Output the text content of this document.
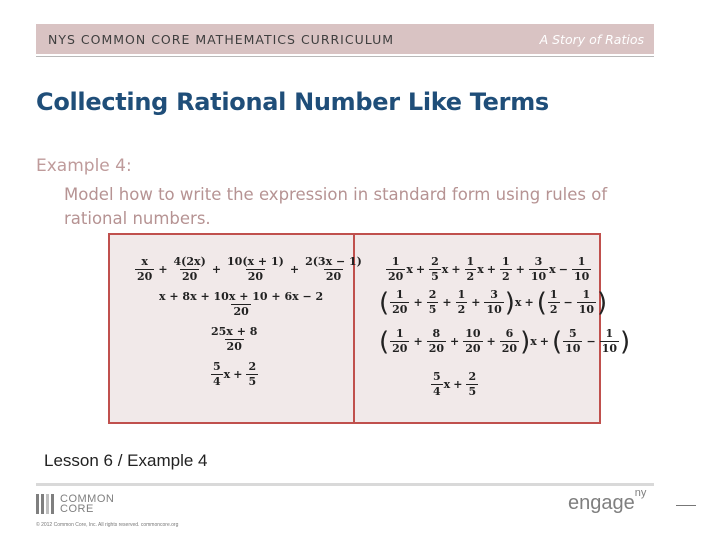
NYS COMMON CORE MATHEMATICS CURRICULUM	A Story of Ratios
Collecting Rational Number Like Terms
Example 4:
Model how to write the expression in standard form using rules of rational numbers.
$\frac{x}{20} + \frac{4(2x)}{20} + \frac{10(x + 1)}{20} + \frac{2(3x - 1)}{20}$
$\frac{x + 8x + 10x + 10 + 6x - 2}{20}$
$\frac{25x + 8}{20}$
$\frac{5}{4}$ $x + \frac{2}{5}$
$\frac{1}{20}$ $x + \frac{2}{5}$ $x + \frac{1}{2}$ $x + \frac{1}{2} + \frac{3}{10}$ $x - \frac{1}{10}$
( $\frac{1}{20} + \frac{2}{5} + \frac{1}{2} + \frac{3}{10}$ ) x + ( $\frac{1}{2} - \frac{1}{10}$ )
( $\frac{1}{20} + \frac{8}{20} + \frac{10}{20} + \frac{6}{20}$ ) x + ( $\frac{5}{10} - \frac{1}{10}$ )
$\frac{5}{4}$ $x + \frac{2}{5}$
Lesson 6 / Example 4
COMMON
CORE
© 2012 Common Core, Inc. All rights reserved. commoncore.org
engage$^{ny}$
